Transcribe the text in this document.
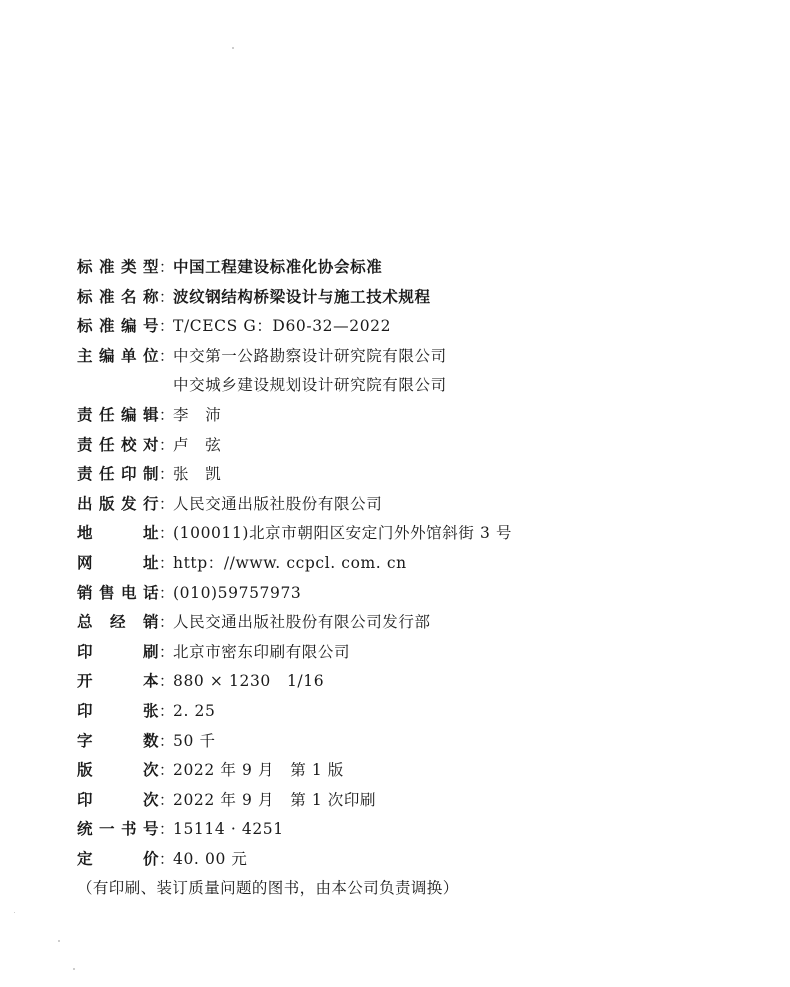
标准类型 ：
中国工程建设标准化协会标准
标准名称 ：
波纹钢结构桥梁设计与施工技术规程
标准编号 ：
T/CECS G：D60-32—2022
主编单位 ：
中交第一公路勘察设计研究院有限公司
中交城乡建设规划设计研究院有限公司
责任编辑 ：
李　沛
责任校对 ：
卢　弦
责任印制 ：
张　凯
出版发行 ：
人民交通出版社股份有限公司
地　　址 ：
(100011)北京市朝阳区安定门外外馆斜街 3 号
网　　址 ：
http：//www. ccpcl. com. cn
销售电话 ：
(010)59757973
总 经 销 ：
人民交通出版社股份有限公司发行部
印　　刷 ：
北京市密东印刷有限公司
开　　本 ：
880 × 1230　1/16
印　　张 ：
2. 25
字　　数 ：
50 千
版　　次 ：
2022 年 9 月　第 1 版
印　　次 ：
2022 年 9 月　第 1 次印刷
统一书号 ：
15114 · 4251
定　　价 ：
40. 00 元
（有印刷、装订质量问题的图书，由本公司负责调换）
